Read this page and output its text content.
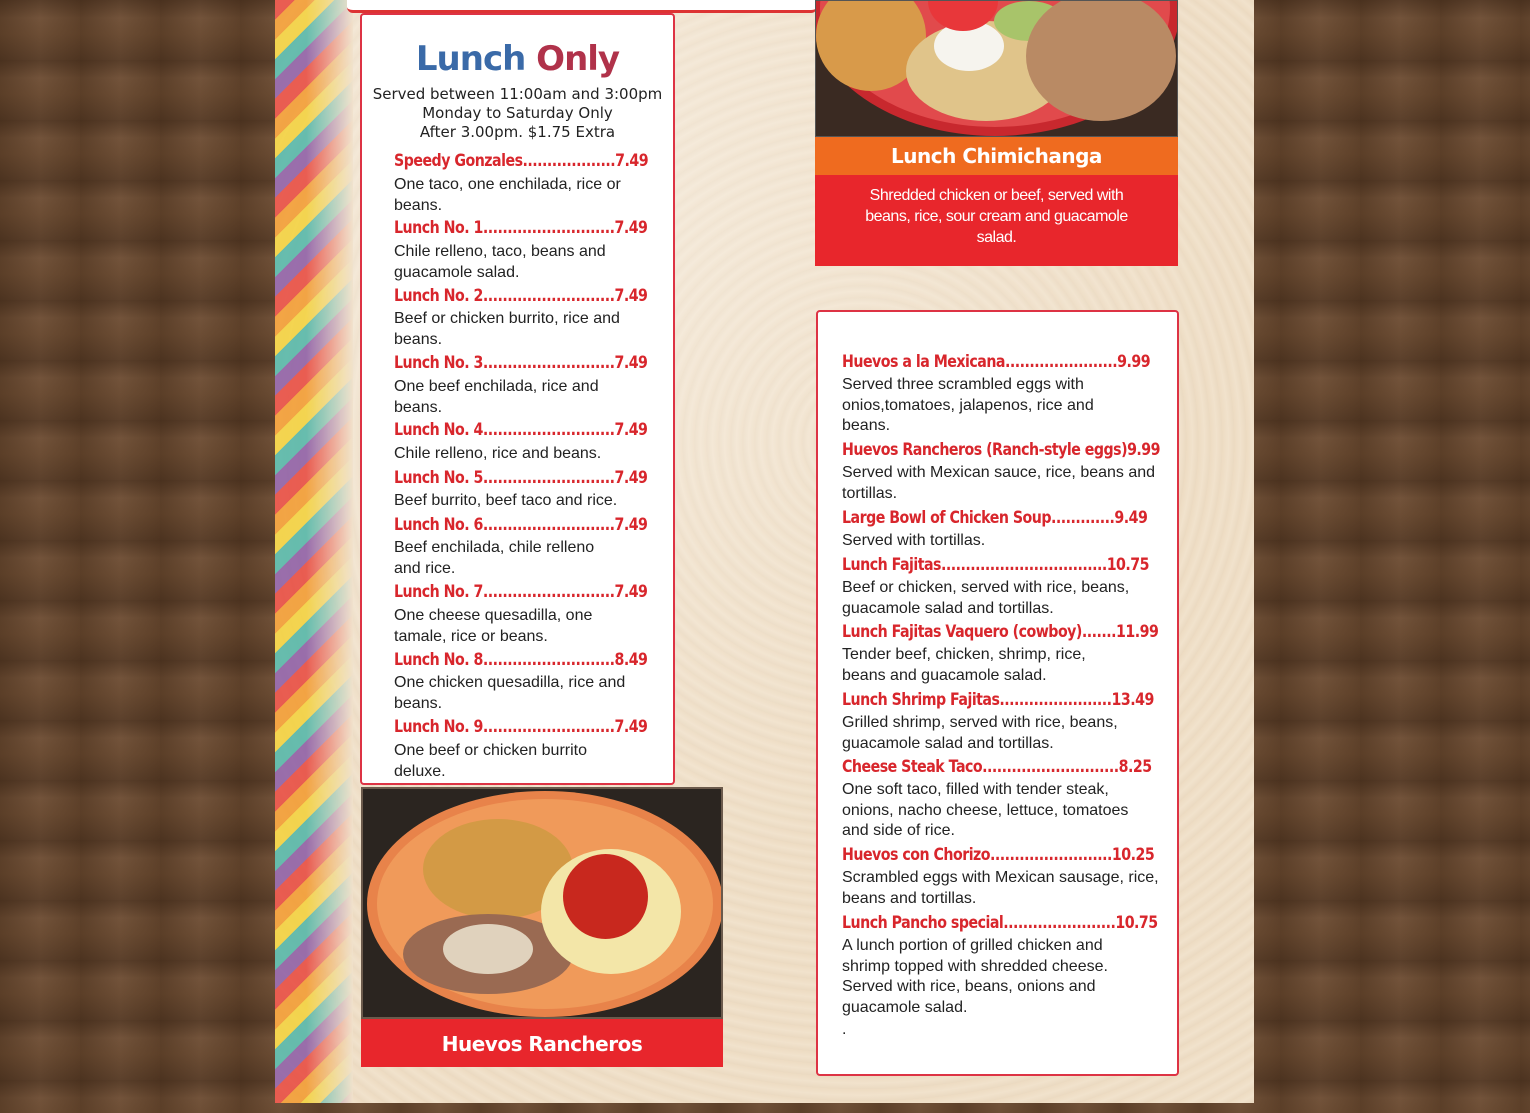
Lunch Only
Served between 11:00am and 3:00pm
Monday to Saturday Only
After 3.00pm. $1.75 Extra
Speedy Gonzales...................7.49
One taco, one enchilada, rice or beans.
Lunch No. 1...........................7.49
Chile relleno, taco, beans and guacamole salad.
Lunch No. 2...........................7.49
Beef or chicken burrito, rice and beans.
Lunch No. 3...........................7.49
One beef enchilada, rice and beans.
Lunch No. 4...........................7.49
Chile relleno, rice and beans.
Lunch No. 5...........................7.49
Beef burrito, beef taco and rice.
Lunch No. 6...........................7.49
Beef enchilada, chile relleno and rice.
Lunch No. 7...........................7.49
One cheese quesadilla, one tamale, rice or beans.
Lunch No. 8...........................8.49
One chicken quesadilla, rice and beans.
Lunch No. 9...........................7.49
One beef or chicken burrito deluxe.
Huevos Rancheros
Lunch Chimichanga
Shredded chicken or beef, served with beans, rice, sour cream and guacamole salad.
Huevos a la Mexicana.......................9.99
Served three scrambled eggs with onios,tomatoes, jalapenos, rice and beans.
Huevos Rancheros (Ranch-style eggs)9.99
Served with Mexican sauce, rice, beans and tortillas.
Large Bowl of Chicken Soup.............9.49
Served with tortillas.
Lunch Fajitas..................................10.75
Beef or chicken, served with rice, beans, guacamole salad and tortillas.
Lunch Fajitas Vaquero (cowboy).......11.99
Tender beef, chicken, shrimp, rice, beans and guacamole salad.
Lunch Shrimp Fajitas.......................13.49
Grilled shrimp, served with rice, beans, guacamole salad and tortillas.
Cheese Steak Taco............................8.25
One soft taco, filled with tender steak, onions, nacho cheese, lettuce, tomatoes and side of rice.
Huevos con Chorizo.........................10.25
Scrambled eggs with Mexican sausage, rice, beans and tortillas.
Lunch Pancho special.......................10.75
A lunch portion of grilled chicken and shrimp topped with shredded cheese. Served with rice, beans, onions and guacamole salad.
.
